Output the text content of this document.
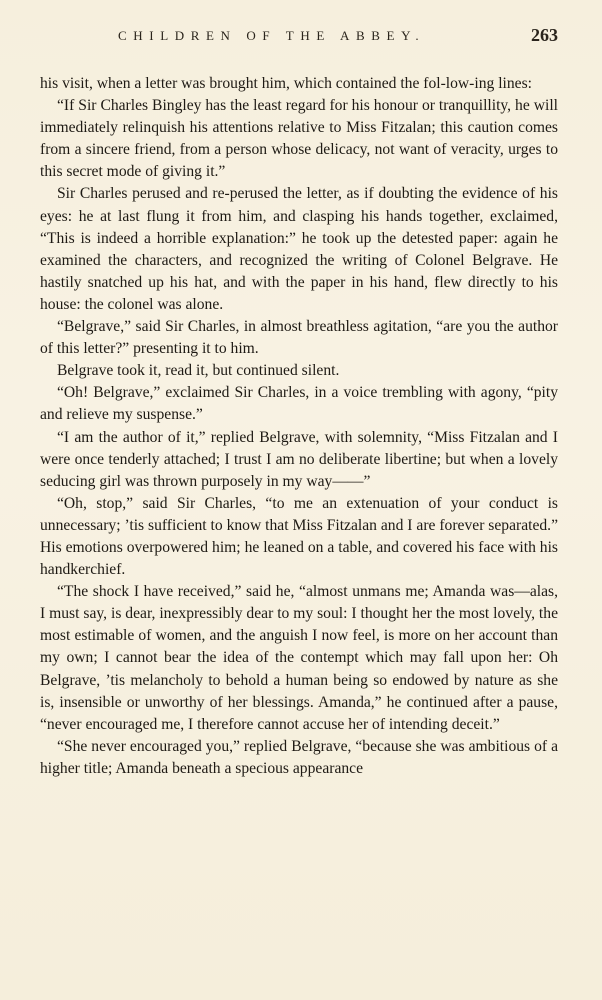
CHILDREN OF THE ABBEY.	263

his visit, when a letter was brought him, which contained the fol-low-ing lines:

“If Sir Charles Bingley has the least regard for his honour or tranquillity, he will immediately relinquish his attentions relative to Miss Fitzalan; this caution comes from a sincere friend, from a person whose delicacy, not want of veracity, urges to this secret mode of giving it.”

Sir Charles perused and re-perused the letter, as if doubting the evidence of his eyes: he at last flung it from him, and clasping his hands together, exclaimed, “This is indeed a horrible explanation:” he took up the detested paper: again he examined the characters, and recognized the writing of Colonel Belgrave. He hastily snatched up his hat, and with the paper in his hand, flew directly to his house: the colonel was alone.

“Belgrave,” said Sir Charles, in almost breathless agitation, “are you the author of this letter?” presenting it to him.

Belgrave took it, read it, but continued silent.

“Oh! Belgrave,” exclaimed Sir Charles, in a voice trembling with agony, “pity and relieve my suspense.”

“I am the author of it,” replied Belgrave, with solemnity, “Miss Fitzalan and I were once tenderly attached; I trust I am no deliberate libertine; but when a lovely seducing girl was thrown purposely in my way——”

“Oh, stop,” said Sir Charles, “to me an extenuation of your conduct is unnecessary; ’tis sufficient to know that Miss Fitzalan and I are forever separated.” His emotions overpowered him; he leaned on a table, and covered his face with his handkerchief.

“The shock I have received,” said he, “almost unmans me; Amanda was—alas, I must say, is dear, inexpressibly dear to my soul: I thought her the most lovely, the most estimable of women, and the anguish I now feel, is more on her account than my own; I cannot bear the idea of the contempt which may fall upon her: Oh Belgrave, ’tis melancholy to behold a human being so endowed by nature as she is, insensible or unworthy of her blessings. Amanda,” he continued after a pause, “never encouraged me, I therefore cannot accuse her of intending deceit.”

“She never encouraged you,” replied Belgrave, “because she was ambitious of a higher title; Amanda beneath a specious appearance
